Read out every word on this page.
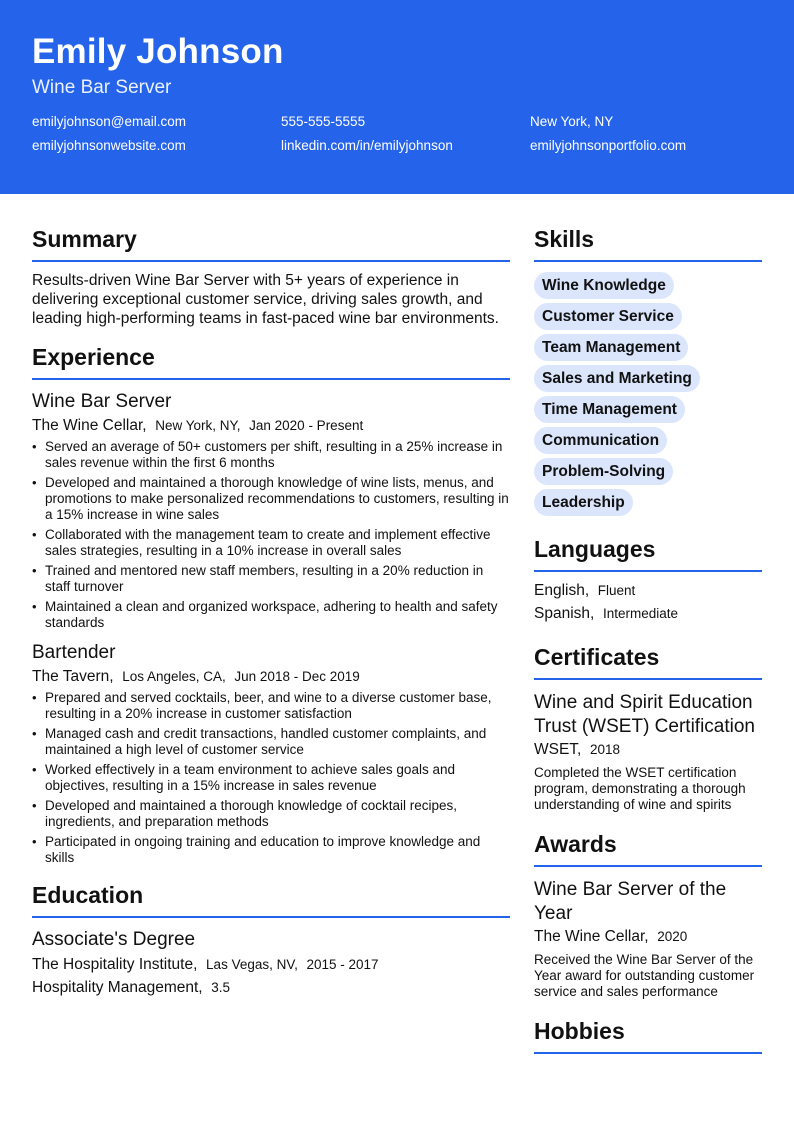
Emily Johnson
Wine Bar Server
emilyjohnson@email.com	555-555-5555	New York, NY
emilyjohnsonwebsite.com	linkedin.com/in/emilyjohnson	emilyjohnsonportfolio.com
Summary
Results-driven Wine Bar Server with 5+ years of experience in delivering exceptional customer service, driving sales growth, and leading high-performing teams in fast-paced wine bar environments.
Experience
Wine Bar Server
The Wine Cellar, New York, NY, Jan 2020 - Present
• Served an average of 50+ customers per shift, resulting in a 25% increase in sales revenue within the first 6 months
• Developed and maintained a thorough knowledge of wine lists, menus, and promotions to make personalized recommendations to customers, resulting in a 15% increase in wine sales
• Collaborated with the management team to create and implement effective sales strategies, resulting in a 10% increase in overall sales
• Trained and mentored new staff members, resulting in a 20% reduction in staff turnover
• Maintained a clean and organized workspace, adhering to health and safety standards
Bartender
The Tavern, Los Angeles, CA, Jun 2018 - Dec 2019
• Prepared and served cocktails, beer, and wine to a diverse customer base, resulting in a 20% increase in customer satisfaction
• Managed cash and credit transactions, handled customer complaints, and maintained a high level of customer service
• Worked effectively in a team environment to achieve sales goals and objectives, resulting in a 15% increase in sales revenue
• Developed and maintained a thorough knowledge of cocktail recipes, ingredients, and preparation methods
• Participated in ongoing training and education to improve knowledge and skills
Education
Associate's Degree
The Hospitality Institute, Las Vegas, NV, 2015 - 2017
Hospitality Management, 3.5
Skills
Wine Knowledge
Customer Service
Team Management
Sales and Marketing
Time Management
Communication
Problem-Solving
Leadership
Languages
English, Fluent
Spanish, Intermediate
Certificates
Wine and Spirit Education Trust (WSET) Certification
WSET, 2018
Completed the WSET certification program, demonstrating a thorough understanding of wine and spirits
Awards
Wine Bar Server of the Year
The Wine Cellar, 2020
Received the Wine Bar Server of the Year award for outstanding customer service and sales performance
Hobbies
